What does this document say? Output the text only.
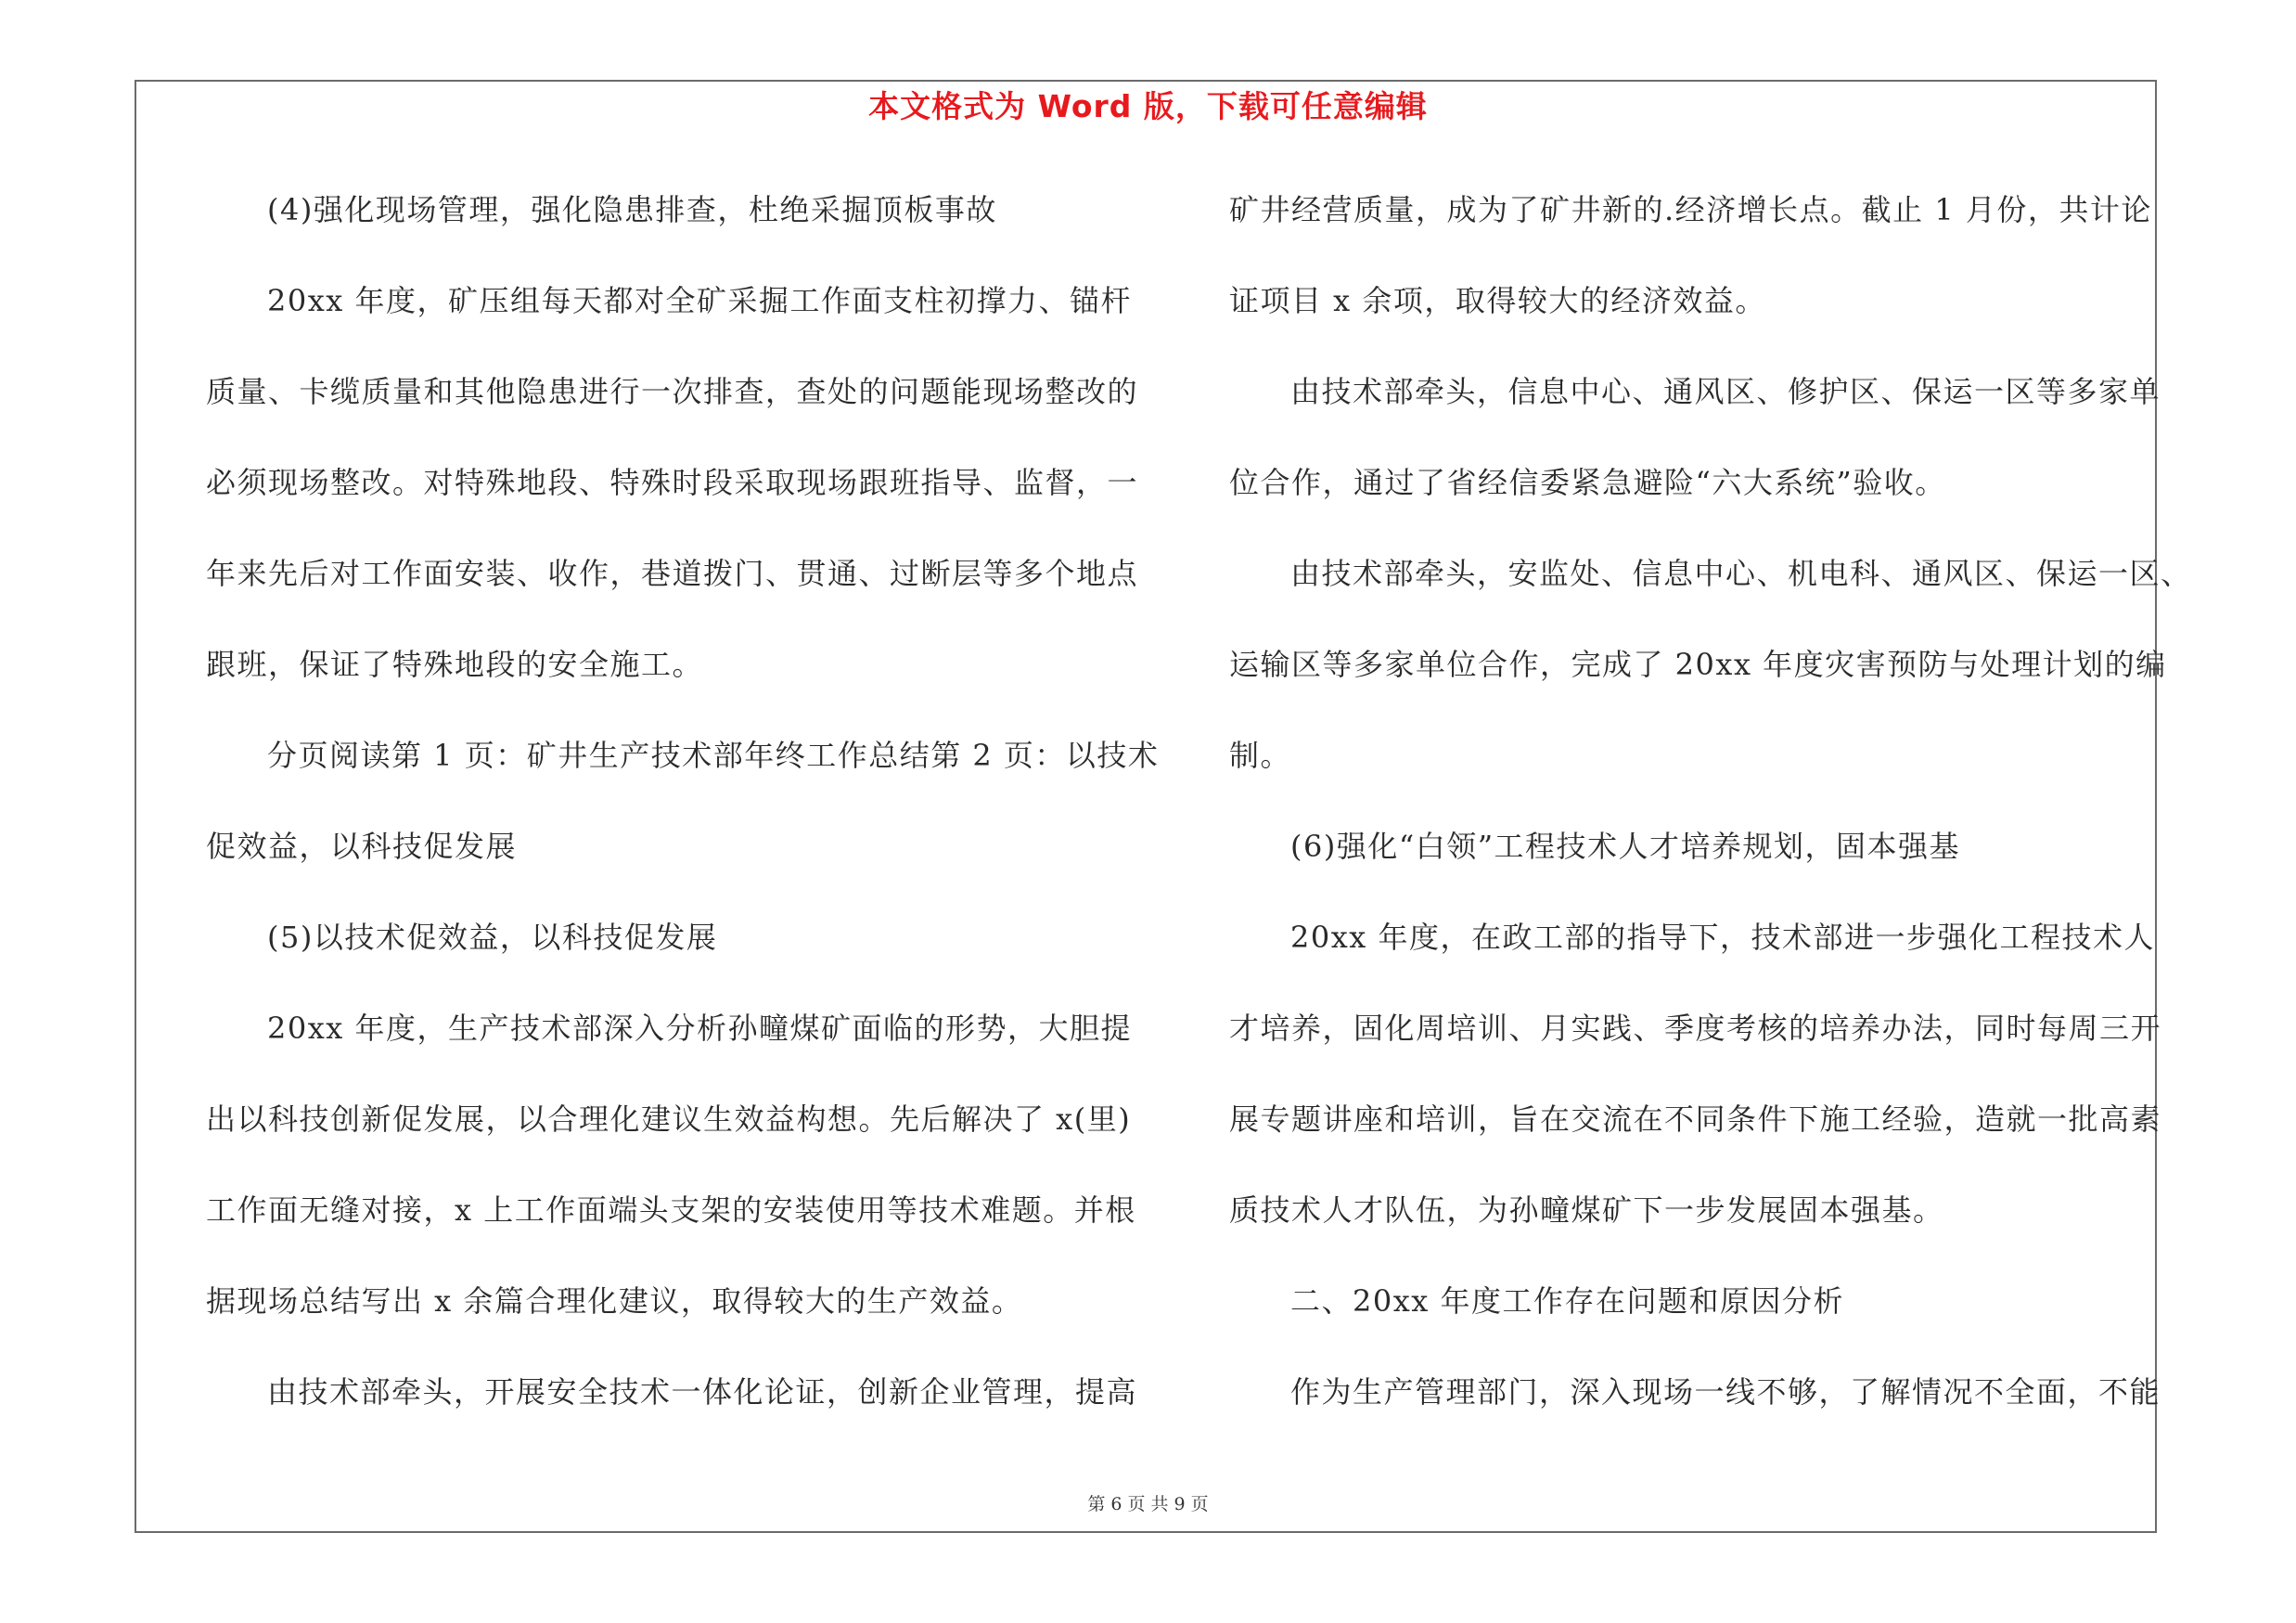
本文格式为 Word 版，下载可任意编辑
(4)强化现场管理，强化隐患排查，杜绝采掘顶板事故
20xx 年度，矿压组每天都对全矿采掘工作面支柱初撑力、锚杆
质量、卡缆质量和其他隐患进行一次排查，查处的问题能现场整改的
必须现场整改。对特殊地段、特殊时段采取现场跟班指导、监督，一
年来先后对工作面安装、收作，巷道拨门、贯通、过断层等多个地点
跟班，保证了特殊地段的安全施工。
分页阅读第 1 页：矿井生产技术部年终工作总结第 2 页：以技术
促效益，以科技促发展
(5)以技术促效益，以科技促发展
20xx 年度，生产技术部深入分析孙疃煤矿面临的形势，大胆提
出以科技创新促发展，以合理化建议生效益构想。先后解决了 x(里)
工作面无缝对接，x 上工作面端头支架的安装使用等技术难题。并根
据现场总结写出 x 余篇合理化建议，取得较大的生产效益。
由技术部牵头，开展安全技术一体化论证，创新企业管理，提高
矿井经营质量，成为了矿井新的.经济增长点。截止 1 月份，共计论
证项目 x 余项，取得较大的经济效益。
由技术部牵头，信息中心、通风区、修护区、保运一区等多家单
位合作，通过了省经信委紧急避险“六大系统”验收。
由技术部牵头，安监处、信息中心、机电科、通风区、保运一区、
运输区等多家单位合作，完成了 20xx 年度灾害预防与处理计划的编
制。
(6)强化“白领”工程技术人才培养规划，固本强基
20xx 年度，在政工部的指导下，技术部进一步强化工程技术人
才培养，固化周培训、月实践、季度考核的培养办法，同时每周三开
展专题讲座和培训，旨在交流在不同条件下施工经验，造就一批高素
质技术人才队伍，为孙疃煤矿下一步发展固本强基。
二、20xx 年度工作存在问题和原因分析
作为生产管理部门，深入现场一线不够，了解情况不全面，不能
第 6 页 共 9 页
